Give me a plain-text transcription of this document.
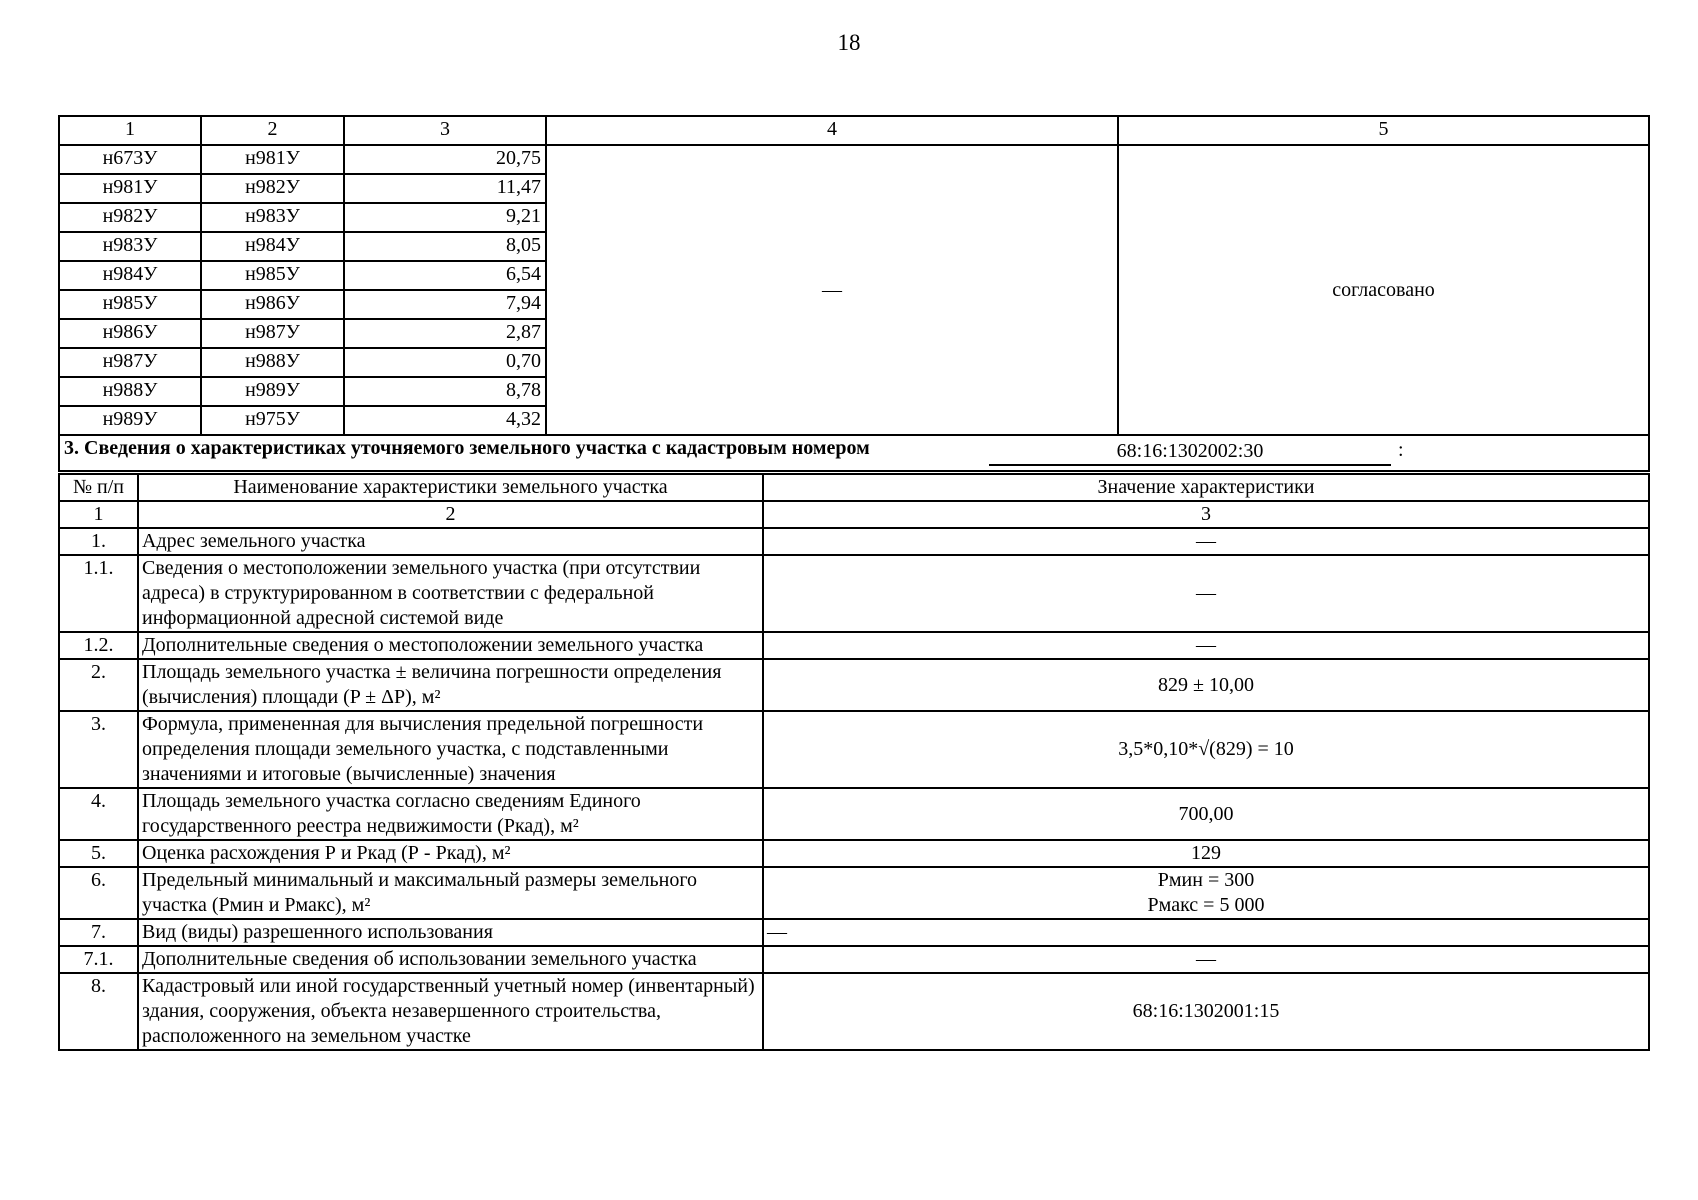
18
1	2	3	4	5
н673У	н981У	20,75	—	согласовано
н981У	н982У	11,47		
н982У	н983У	9,21		
н983У	н984У	8,05		
н984У	н985У	6,54		
н985У	н986У	7,94		
н986У	н987У	2,87		
н987У	н988У	0,70		
н988У	н989У	8,78		
н989У	н975У	4,32		

3. Сведения о характеристиках уточняемого земельного участка с кадастровым номером 68:16:1302002:30 :				
№ п/п	Наименование характеристики земельного участка	Значение характеристики
1	2	3
1.	Адрес земельного участка	—
1.1.	Сведения о местоположении земельного участка (при отсутствии адреса) в структурированном в соответствии с федеральной информационной адресной системой виде	—
1.2.	Дополнительные сведения о местоположении земельного участка	—
2.	Площадь земельного участка ± величина погрешности определения (вычисления) площади (P ± ΔP), м²	829 ± 10,00
3.	Формула, примененная для вычисления предельной погрешности определения площади земельного участка, с подставленными значениями и итоговые (вычисленные) значения	3,5*0,10*√(829) = 10
4.	Площадь земельного участка согласно сведениям Единого государственного реестра недвижимости (Ркад), м²	700,00
5.	Оценка расхождения Р и Ркад (Р - Ркад), м²	129
6.	Предельный минимальный и максимальный размеры земельного участка (Pмин и Pмакс), м²	Pмин = 300
Pмакс = 5 000

7.	Вид (виды) разрешенного использования	—
7.1.	Дополнительные сведения об использовании земельного участка	—
8.	Кадастровый или иной государственный учетный номер (инвентарный) здания, сооружения, объекта незавершенного строительства, расположенного на земельном участке	68:16:1302001:15
